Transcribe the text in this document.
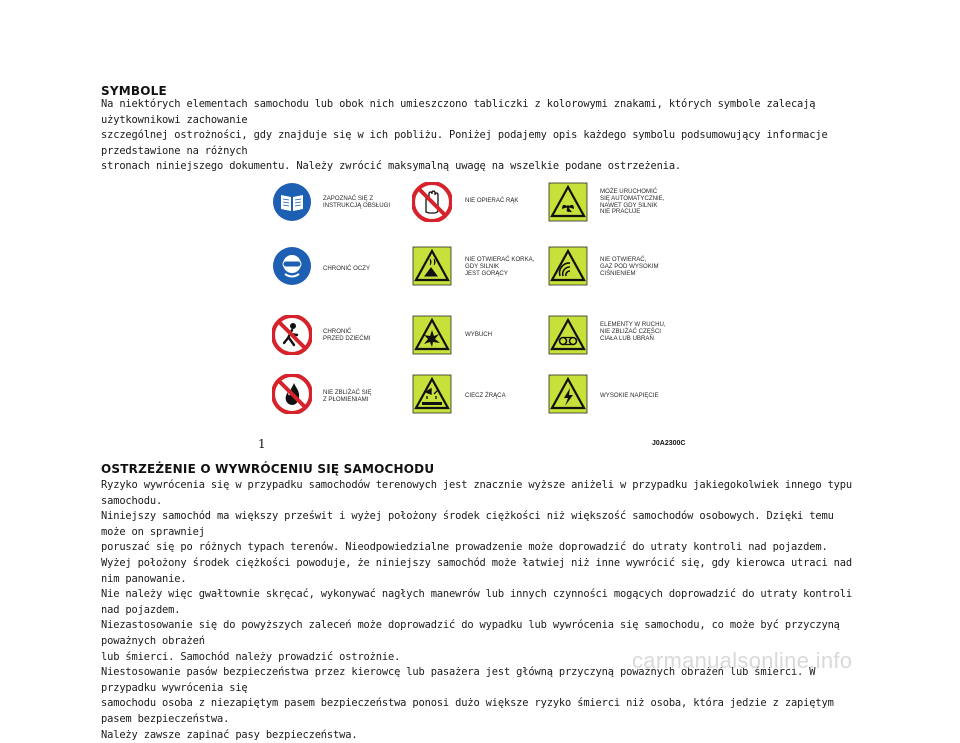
SYMBOLE

Na niektórych elementach samochodu lub obok nich umieszczono tabliczki z kolorowymi znakami, których symbole zalecają użytkownikowi zachowanie

szczególnej ostrożności, gdy znajduje się w ich pobliżu. Poniżej podajemy opis każdego symbolu podsumowujący informacje przedstawione na różnych

stronach niniejszego dokumentu. Należy zwrócić maksymalną uwagę na wszelkie podane ostrzeżenia.

ZAPOZNAĆ SIĘ Z
INSTRUKCJĄ OBSŁUGI
CHRONIĆ OCZY
CHRONIĆ
PRZED DZIEĆMI
NIE ZBLIŻAĆ SIĘ
Z PŁOMIENIAMI
NIE OPIERAĆ RĄK
NIE OTWIERAĆ KORKA,
GDY SILNIK
JEST GORĄCY
WYBUCH
CIECZ ŻRĄCA
MOŻE URUCHOMIĆ
SIĘ AUTOMATYCZNIE,
NAWET GDY SILNIK
NIE PRACUJE
NIE OTWIERAĆ,
GAZ POD WYSOKIM
CIŚNIENIEM
ELEMENTY W RUCHU,
NIE ZBLIŻAĆ CZĘŚCI
CIAŁA LUB UBRAŃ
WYSOKIE NAPIĘCIE
1	J0A2300C
OSTRZEŻENIE O WYWRÓCENIU SIĘ SAMOCHODU

Ryzyko wywrócenia się w przypadku samochodów terenowych jest znacznie wyższe aniżeli w przypadku jakiegokolwiek innego typu samochodu.

Niniejszy samochód ma większy prześwit i wyżej położony środek ciężkości niż większość samochodów osobowych. Dzięki temu może on sprawniej

poruszać się po różnych typach terenów. Nieodpowiedzialne prowadzenie może doprowadzić do utraty kontroli nad pojazdem.

Wyżej położony środek ciężkości powoduje, że niniejszy samochód może łatwiej niż inne wywrócić się, gdy kierowca utraci nad nim panowanie.

Nie należy więc gwałtownie skręcać, wykonywać nagłych manewrów lub innych czynności mogących doprowadzić do utraty kontroli nad pojazdem.

Niezastosowanie się do powyższych zaleceń może doprowadzić do wypadku lub wywrócenia się samochodu, co może być przyczyną poważnych obrażeń

lub śmierci. Samochód należy prowadzić ostrożnie.

Niestosowanie pasów bezpieczeństwa przez kierowcę lub pasażera jest główną przyczyną poważnych obrażeń lub śmierci. W przypadku wywrócenia się

samochodu osoba z niezapiętym pasem bezpieczeństwa ponosi dużo większe ryzyko śmierci niż osoba, która jedzie z zapiętym pasem bezpieczeństwa.

Należy zawsze zapinać pasy bezpieczeństwa.

carmanualsonline.info
